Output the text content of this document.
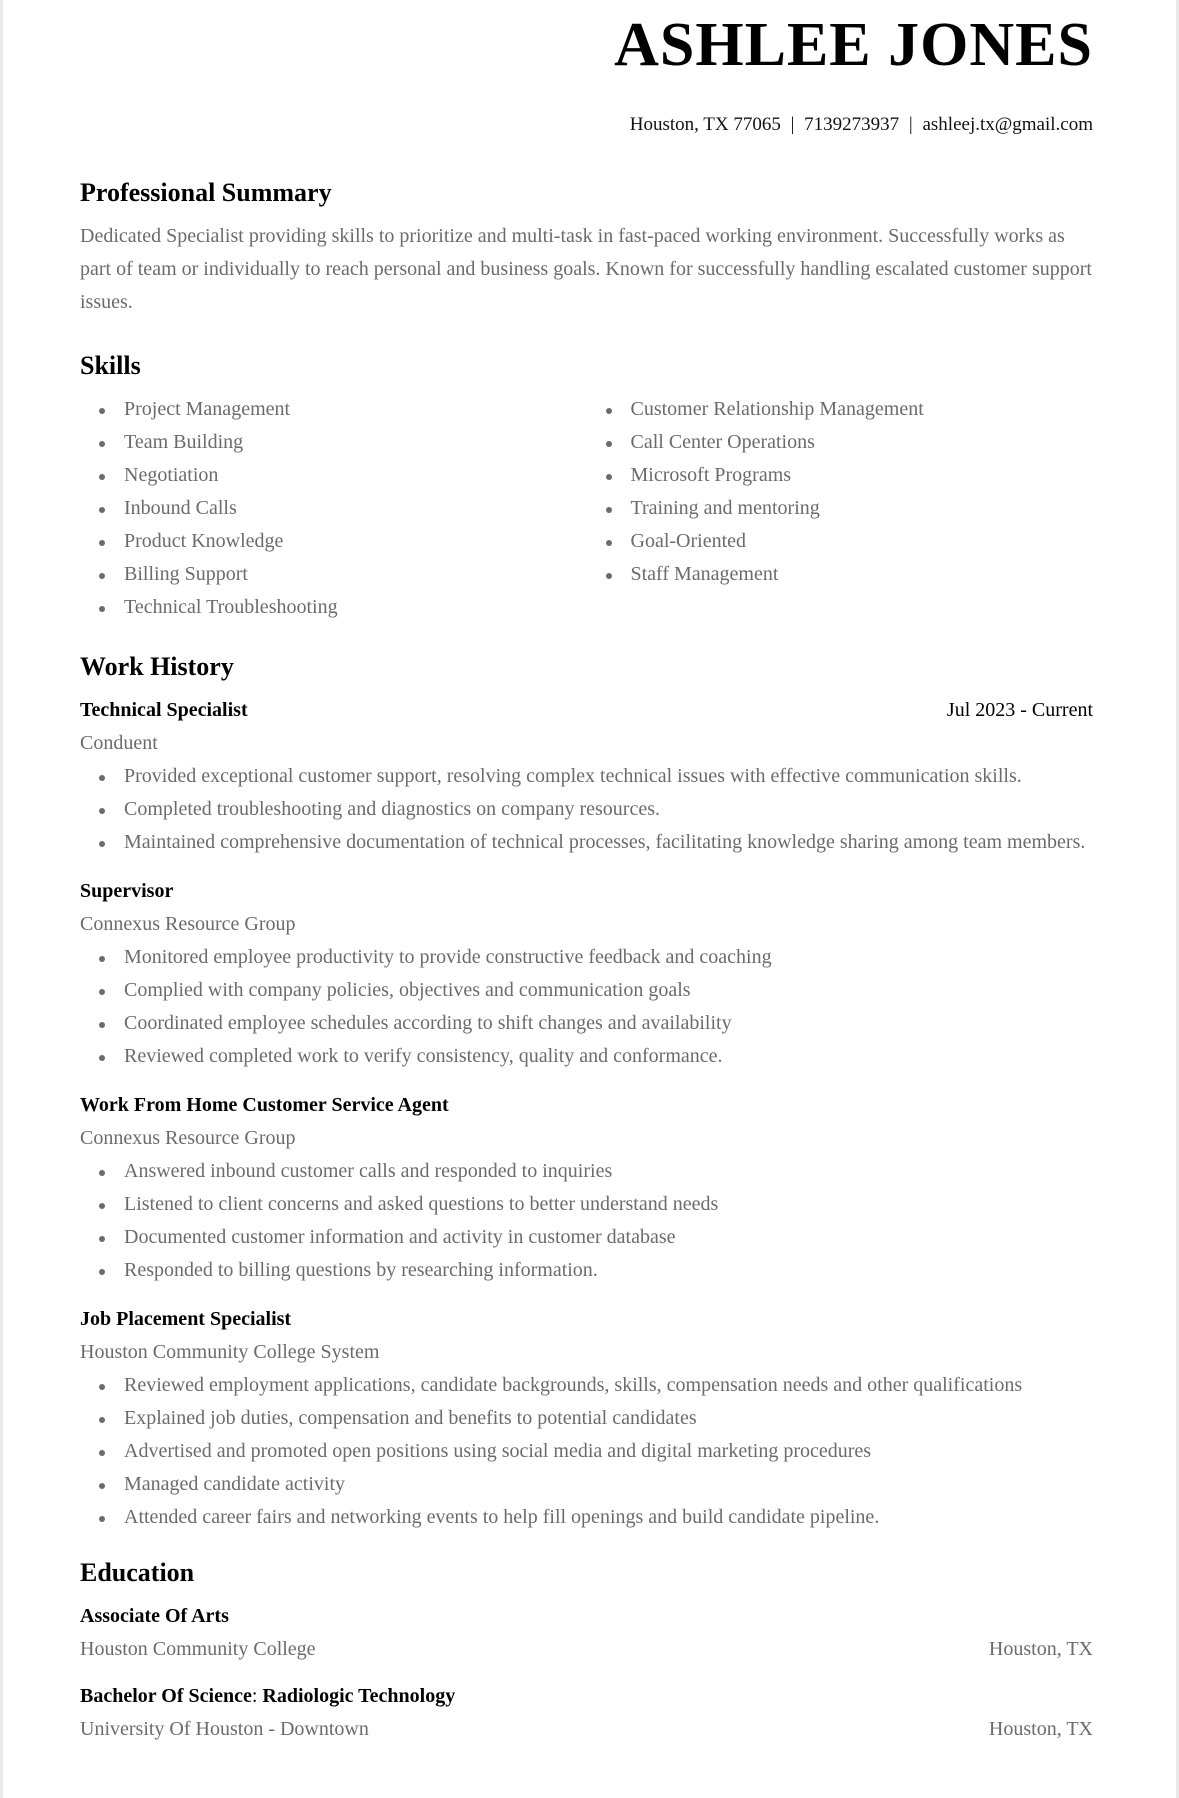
ASHLEE JONES
Houston, TX 77065 | 7139273937 | ashleej.tx@gmail.com
Professional Summary

Dedicated Specialist providing skills to prioritize and multi-task in fast-paced working environment. Successfully works as part of team or individually to reach personal and business goals. Known for successfully handling escalated customer support issues.

Skills
Project Management
Team Building
Negotiation
Inbound Calls
Product Knowledge
Billing Support
Technical Troubleshooting
Customer Relationship Management
Call Center Operations
Microsoft Programs
Training and mentoring
Goal-Oriented
Staff Management
Work History
Technical Specialist	Jul 2023 - Current
Conduent
Provided exceptional customer support, resolving complex technical issues with effective communication skills.
Completed troubleshooting and diagnostics on company resources.
Maintained comprehensive documentation of technical processes, facilitating knowledge sharing among team members.
Supervisor
Connexus Resource Group
Monitored employee productivity to provide constructive feedback and coaching
Complied with company policies, objectives and communication goals
Coordinated employee schedules according to shift changes and availability
Reviewed completed work to verify consistency, quality and conformance.
Work From Home Customer Service Agent
Connexus Resource Group
Answered inbound customer calls and responded to inquiries
Listened to client concerns and asked questions to better understand needs
Documented customer information and activity in customer database
Responded to billing questions by researching information.
Job Placement Specialist
Houston Community College System
Reviewed employment applications, candidate backgrounds, skills, compensation needs and other qualifications
Explained job duties, compensation and benefits to potential candidates
Advertised and promoted open positions using social media and digital marketing procedures
Managed candidate activity
Attended career fairs and networking events to help fill openings and build candidate pipeline.
Education
Associate Of Arts
Houston Community College	Houston, TX
Bachelor Of Science: Radiologic Technology
University Of Houston - Downtown	Houston, TX
